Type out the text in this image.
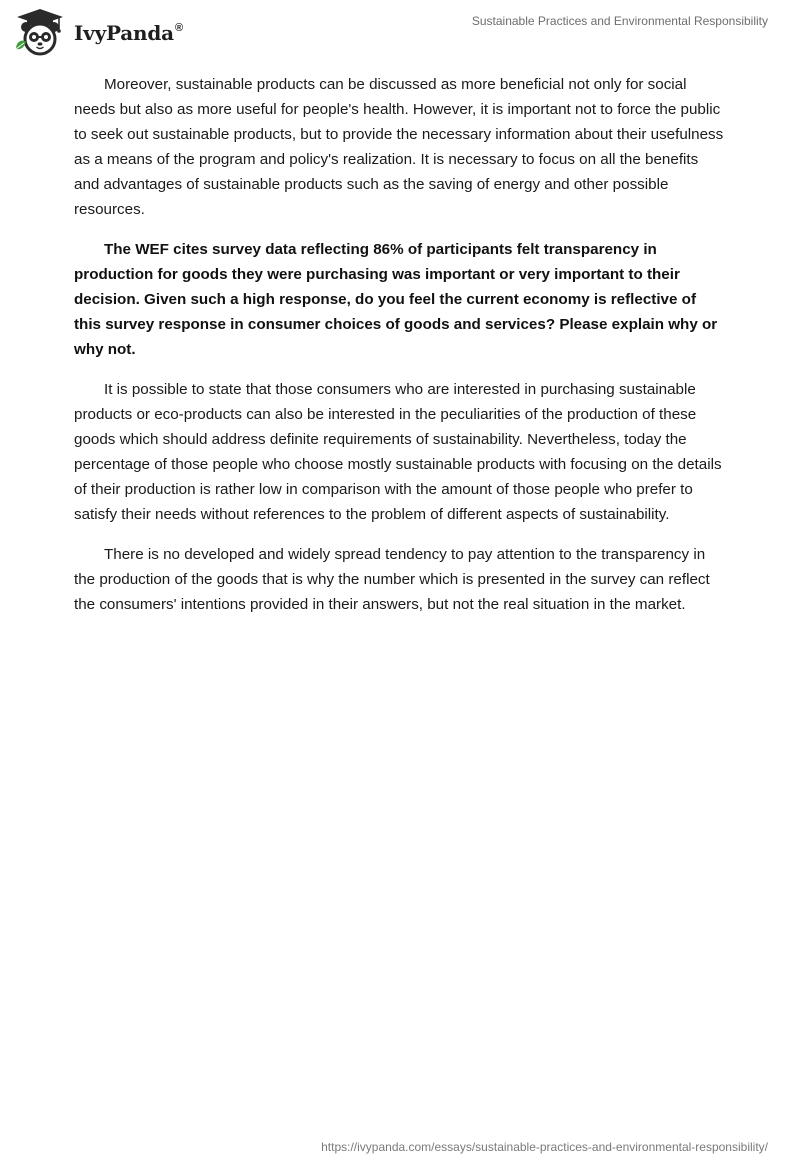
IvyPanda®	Sustainable Practices and Environmental Responsibility

Moreover, sustainable products can be discussed as more beneficial not only for social needs but also as more useful for people's health. However, it is important not to force the public to seek out sustainable products, but to provide the necessary information about their usefulness as a means of the program and policy's realization. It is necessary to focus on all the benefits and advantages of sustainable products such as the saving of energy and other possible resources.

The WEF cites survey data reflecting 86% of participants felt transparency in production for goods they were purchasing was important or very important to their decision. Given such a high response, do you feel the current economy is reflective of this survey response in consumer choices of goods and services? Please explain why or why not.

It is possible to state that those consumers who are interested in purchasing sustainable products or eco-products can also be interested in the peculiarities of the production of these goods which should address definite requirements of sustainability. Nevertheless, today the percentage of those people who choose mostly sustainable products with focusing on the details of their production is rather low in comparison with the amount of those people who prefer to satisfy their needs without references to the problem of different aspects of sustainability.

There is no developed and widely spread tendency to pay attention to the transparency in the production of the goods that is why the number which is presented in the survey can reflect the consumers' intentions provided in their answers, but not the real situation in the market.

https://ivypanda.com/essays/sustainable-practices-and-environmental-responsibility/
